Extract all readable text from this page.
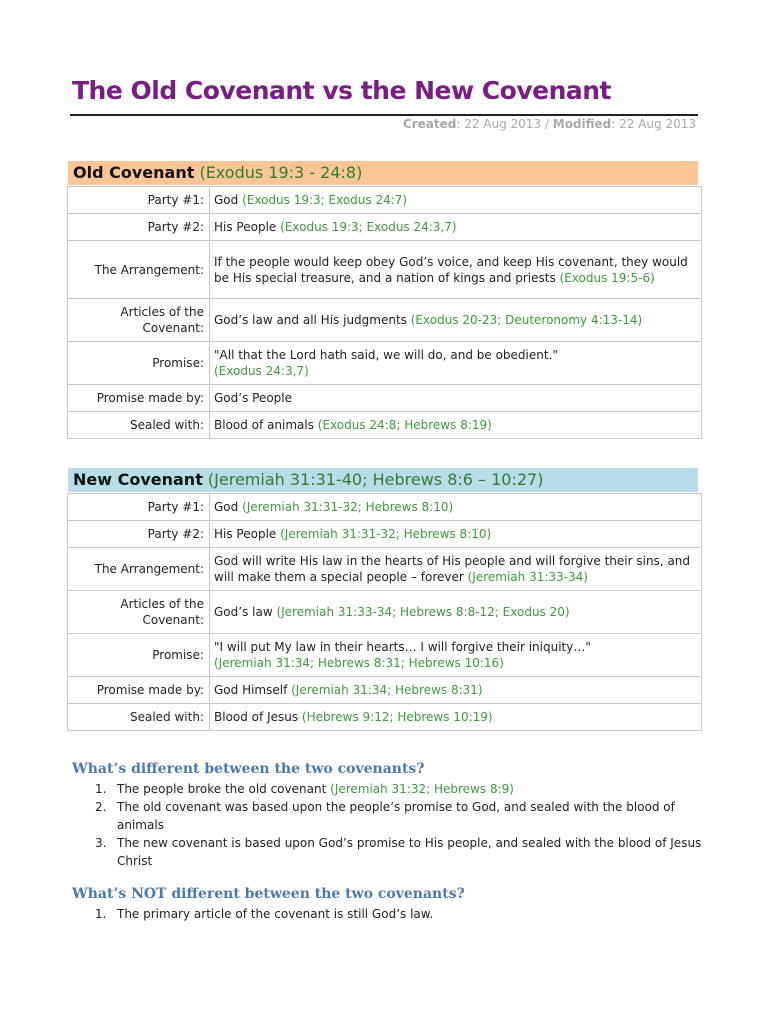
The Old Covenant vs the New Covenant
Created: 22 Aug 2013 / Modified: 22 Aug 2013
Old Covenant (Exodus 19:3 - 24:8)
Party #1:	God (Exodus 19:3; Exodus 24:7)
Party #2:	His People (Exodus 19:3; Exodus 24:3,7)
The Arrangement:	If the people would keep obey God’s voice, and keep His covenant, they would be His special treasure, and a nation of kings and priests (Exodus 19:5-6)
Articles of the Covenant:	God’s law and all His judgments (Exodus 20-23; Deuteronomy 4:13-14)
Promise:	"All that the Lord hath said, we will do, and be obedient."
(Exodus 24:3,7)
Promise made by:	God’s People
Sealed with:	Blood of animals (Exodus 24:8; Hebrews 8:19)
New Covenant (Jeremiah 31:31-40; Hebrews 8:6 – 10:27)
Party #1:	God (Jeremiah 31:31-32; Hebrews 8:10)
Party #2:	His People (Jeremiah 31:31-32; Hebrews 8:10)
The Arrangement:	God will write His law in the hearts of His people and will forgive their sins, and will make them a special people – forever (Jeremiah 31:33-34)
Articles of the Covenant:	God’s law (Jeremiah 31:33-34; Hebrews 8:8-12; Exodus 20)
Promise:	"I will put My law in their hearts… I will forgive their iniquity…"
(Jeremiah 31:34; Hebrews 8:31; Hebrews 10:16)
Promise made by:	God Himself (Jeremiah 31:34; Hebrews 8:31)
Sealed with:	Blood of Jesus (Hebrews 9:12; Hebrews 10:19)
What’s different between the two covenants?
1. The people broke the old covenant (Jeremiah 31:32; Hebrews 8:9)
2. The old covenant was based upon the people’s promise to God, and sealed with the blood of animals
3. The new covenant is based upon God’s promise to His people, and sealed with the blood of Jesus Christ
What’s NOT different between the two covenants?
1. The primary article of the covenant is still God’s law.
